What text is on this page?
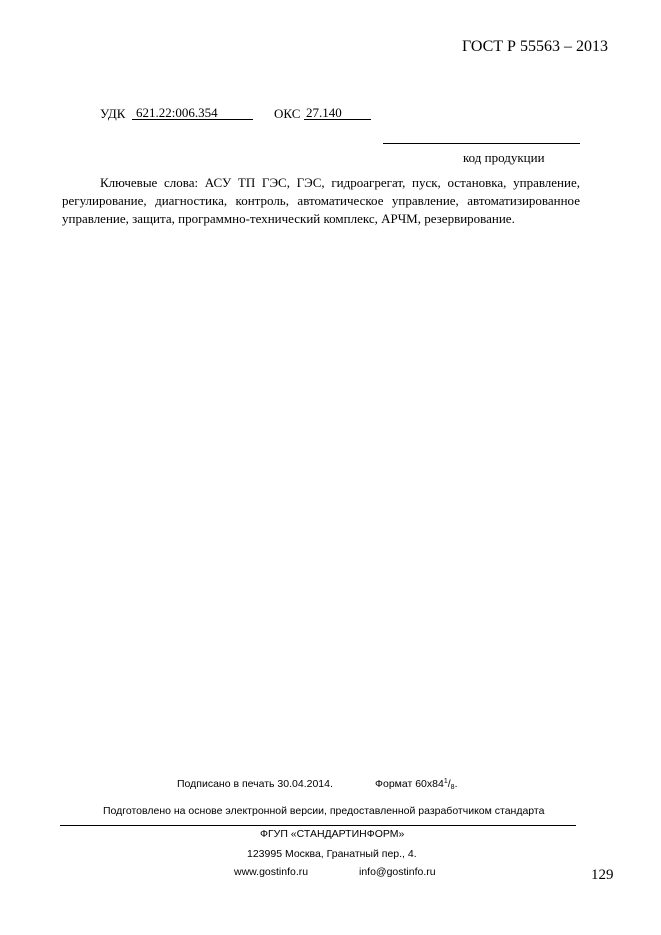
ГОСТ Р 55563 – 2013
УДК 621.22:006.354	ОКС 27.140
код продукции
Ключевые слова: АСУ ТП ГЭС, ГЭС, гидроагрегат, пуск, остановка, управление, регулирование, диагностика, контроль, автоматическое управление, автоматизированное управление, защита, программно-технический комплекс, АРЧМ, резервирование.
Подписано в печать 30.04.2014.	Формат $60x84^1/_8$.
Подготовлено на основе электронной версии, предоставленной разработчиком стандарта
ФГУП «СТАНДАРТИНФОРМ»
123995 Москва, Гранатный пер., 4.
www.gostinfo.ru	info@gostinfo.ru	129
